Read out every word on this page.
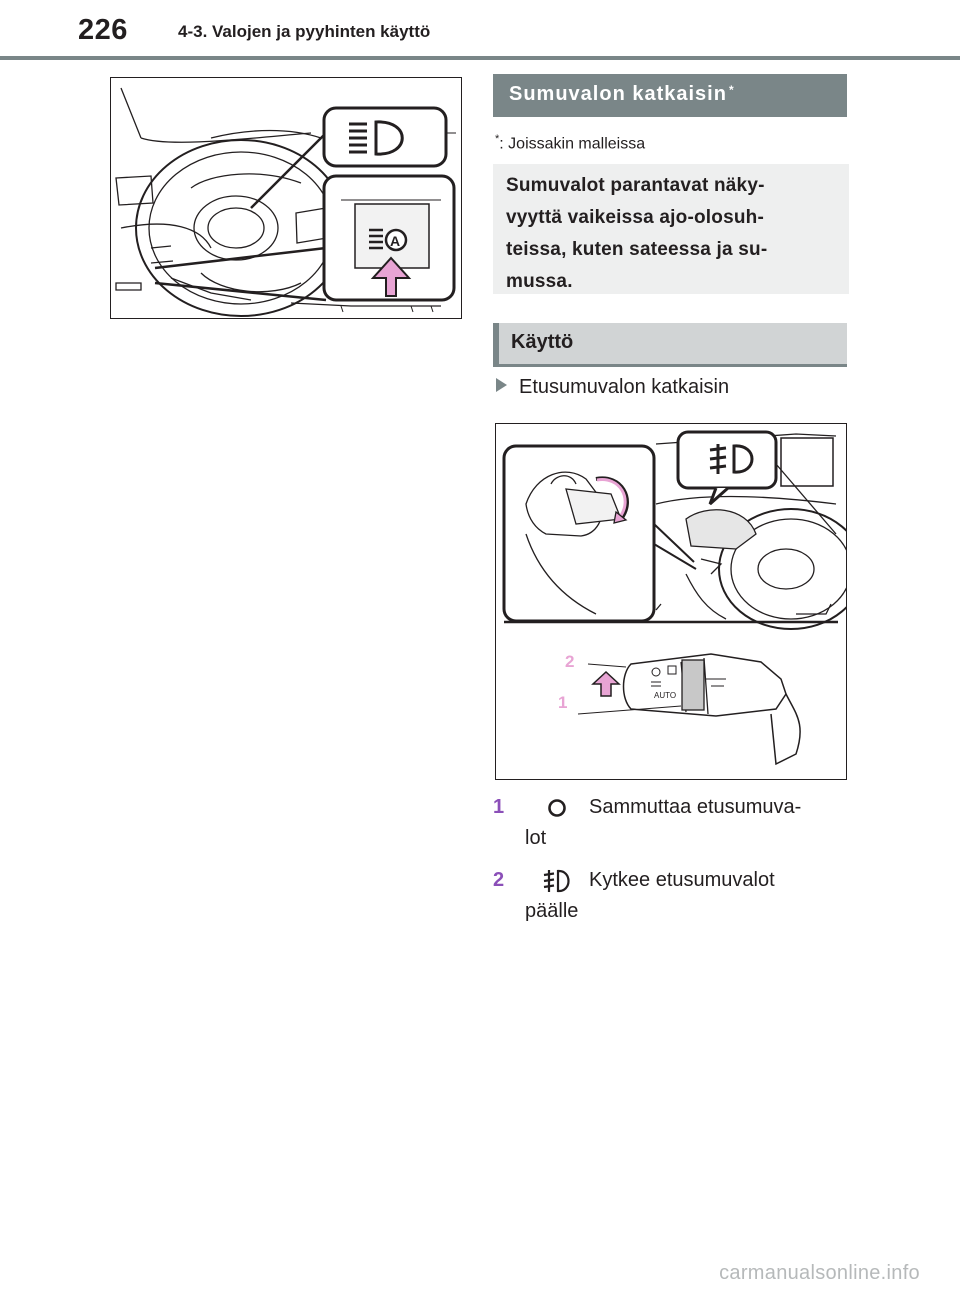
226	4-3. Valojen ja pyyhinten käyttö
A
Sumuvalon katkaisin *
*: Joissakin malleissa

Sumuvalot parantavat näky-

vyyttä vaikeissa ajo-olosuh-

teissa, kuten sateessa ja su-

mussa.

Käyttö
Etusumuvalon katkaisin
AUTO
2
1
1	Sammuttaa etusumuva-
lot
2	Kytkee etusumuvalot
päälle
carmanualsonline.info
